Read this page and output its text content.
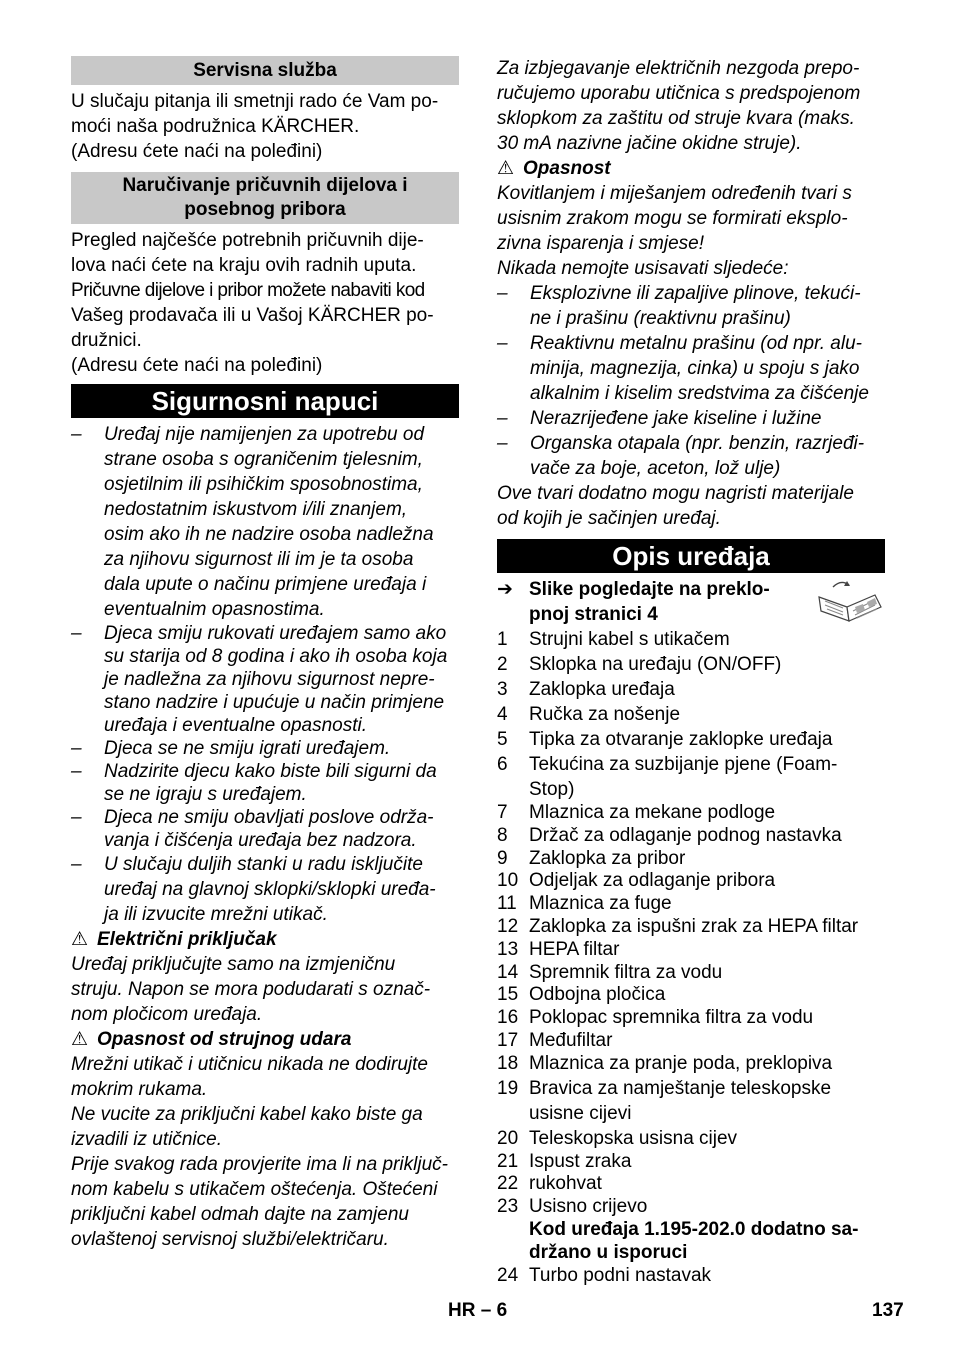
Servisna služba

U slučaju pitanja ili smetnji rado će Vam po-

moći naša podružnica KÄRCHER.

(Adresu ćete naći na poleđini)

Naručivanje pričuvnih dijelova i
posebnog pribora

Pregled najčešće potrebnih pričuvnih dije-

lova naći ćete na kraju ovih radnih uputa.

Pričuvne dijelove i pribor možete nabaviti kod

Vašeg prodavača ili u Vašoj KÄRCHER po-

družnici.

(Adresu ćete naći na poleđini)

Sigurnosni napuci

– Uređaj nije namijenjen za upotrebu od

strane osoba s ograničenim tjelesnim,

osjetilnim ili psihičkim sposobnostima,

nedostatnim iskustvom i/ili znanjem,

osim ako ih ne nadzire osoba nadležna

za njihovu sigurnost ili im je ta osoba

dala upute o načinu primjene uređaja i

eventualnim opasnostima.

– Djeca smiju rukovati uređajem samo ako

su starija od 8 godina i ako ih osoba koja

je nadležna za njihovu sigurnost nepre-

stano nadzire i upućuje u način primjene

uređaja i eventualne opasnosti.

– Djeca se ne smiju igrati uređajem.

– Nadzirite djecu kako biste bili sigurni da

se ne igraju s uređajem.

– Djeca ne smiju obavljati poslove održa-

vanja i čišćenja uređaja bez nadzora.

– U slučaju duljih stanki u radu isključite

uređaj na glavnoj sklopki/sklopki uređa-

ja ili izvucite mrežni utikač.

⚠ Električni priključak

Uređaj priključujte samo na izmjeničnu

struju. Napon se mora podudarati s označ-

nom pločicom uređaja.

⚠ Opasnost od strujnog udara

Mrežni utikač i utičnicu nikada ne dodirujte

mokrim rukama.

Ne vucite za priključni kabel kako biste ga

izvadili iz utičnice.

Prije svakog rada provjerite ima li na priključ-

nom kabelu s utikačem oštećenja. Oštećeni

priključni kabel odmah dajte na zamjenu

ovlaštenoj servisnoj službi/električaru.

Za izbjegavanje električnih nezgoda prepo-

ručujemo uporabu utičnica s predspojenom

sklopkom za zaštitu od struje kvara (maks.

30 mA nazivne jačine okidne struje).

⚠ Opasnost

Kovitlanjem i miješanjem određenih tvari s

usisnim zrakom mogu se formirati eksplo-

zivna isparenja i smjese!

Nikada nemojte usisavati sljedeće:

– Eksplozivne ili zapaljive plinove, tekući-

ne i prašinu (reaktivnu prašinu)

– Reaktivnu metalnu prašinu (od npr. alu-

minija, magnezija, cinka) u spoju s jako

alkalnim i kiselim sredstvima za čišćenje

– Nerazrijeđene jake kiseline i lužine

– Organska otapala (npr. benzin, razrjeđi-

vače za boje, aceton, lož ulje)

Ove tvari dodatno mogu nagristi materijale

od kojih je sačinjen uređaj.

Opis uređaja
➔ Slike pogledajte na preklo-

pnoj stranici 4

1 Strujni kabel s utikačem

2 Sklopka na uređaju (ON/OFF)

3 Zaklopka uređaja

4 Ručka za nošenje

5 Tipka za otvaranje zaklopke uređaja

6 Tekućina za suzbijanje pjene (Foam-

Stop)

7 Mlaznica za mekane podloge

8 Držač za odlaganje podnog nastavka

9 Zaklopka za pribor

10 Odjeljak za odlaganje pribora

11 Mlaznica za fuge

12 Zaklopka za ispušni zrak za HEPA filtar

13 HEPA filtar

14 Spremnik filtra za vodu

15 Odbojna pločica

16 Poklopac spremnika filtra za vodu

17 Međufiltar

18 Mlaznica za pranje poda, preklopiva

19 Bravica za namještanje teleskopske

usisne cijevi

20 Teleskopska usisna cijev

21 Ispust zraka

22 rukohvat

23 Usisno crijevo

Kod uređaja 1.195-202.0 dodatno sa-

držano u isporuci

24 Turbo podni nastavak

HR – 6	137
